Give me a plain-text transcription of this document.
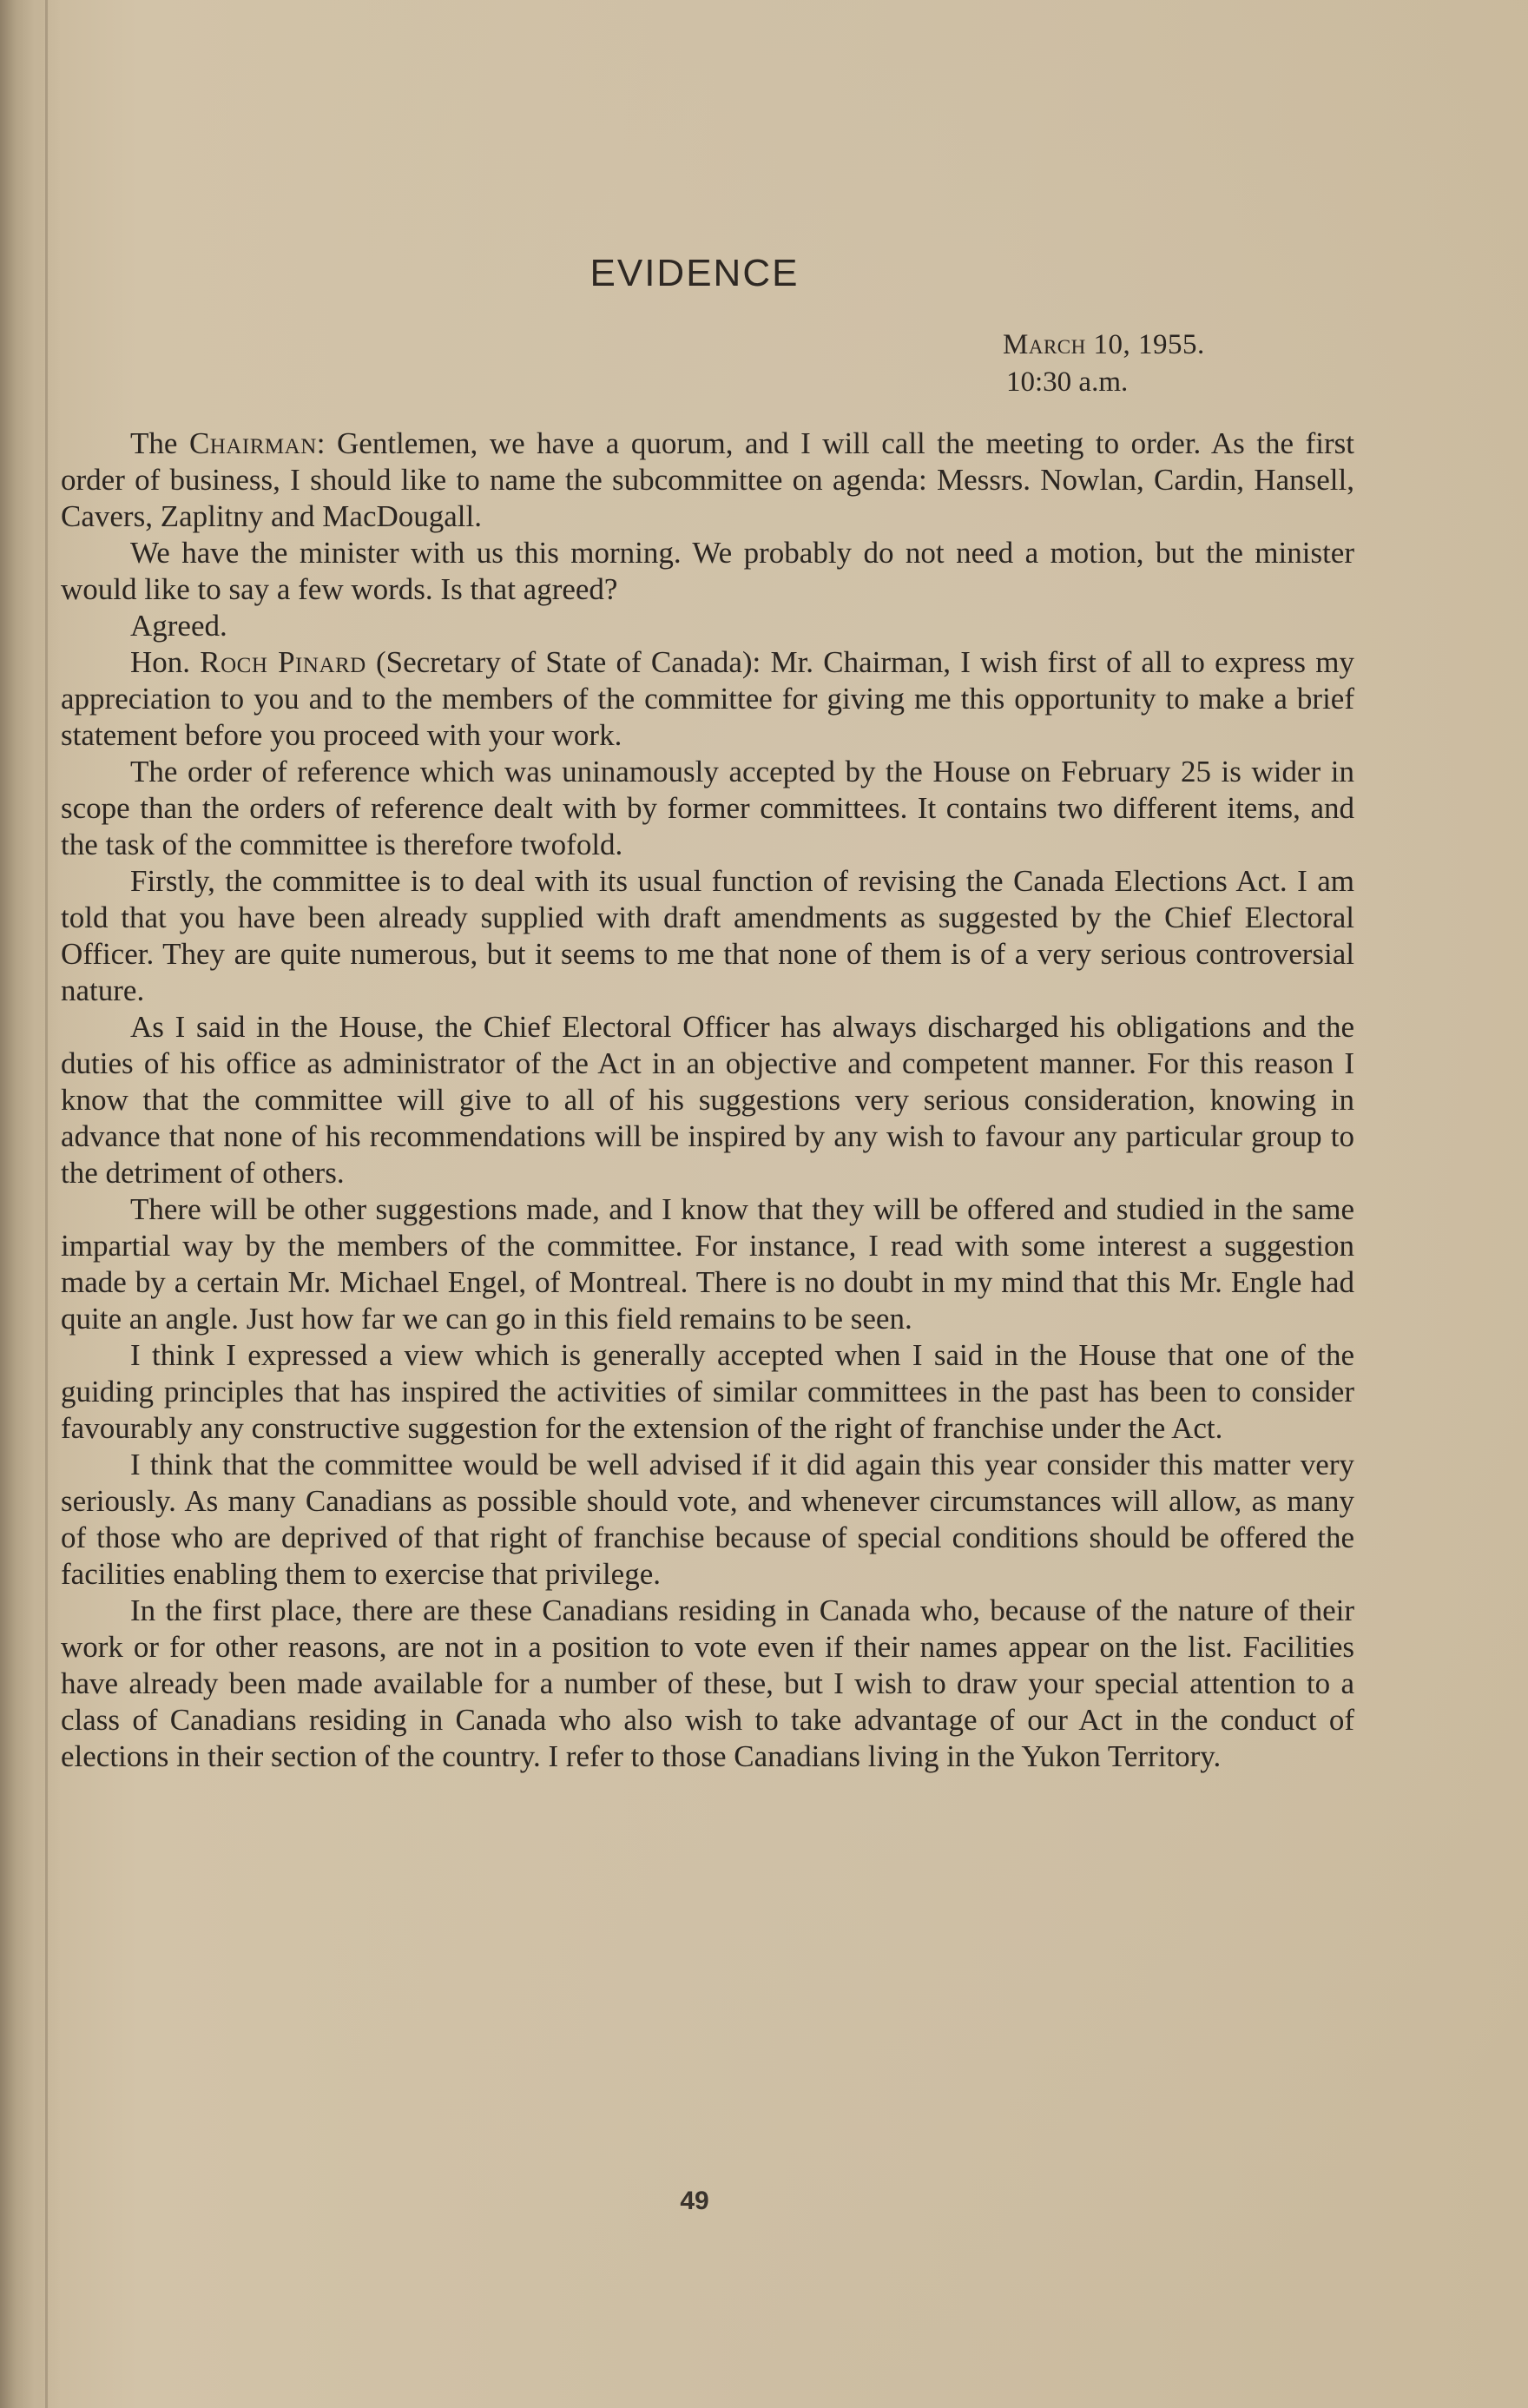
EVIDENCE
March 10, 1955.
10:30 a.m.

The Chairman: Gentlemen, we have a quorum, and I will call the meeting to order. As the first order of business, I should like to name the subcommittee on agenda: Messrs. Nowlan, Cardin, Hansell, Cavers, Zaplitny and MacDougall.

We have the minister with us this morning. We probably do not need a motion, but the minister would like to say a few words. Is that agreed?

Agreed.

Hon. Roch Pinard (Secretary of State of Canada): Mr. Chairman, I wish first of all to express my appreciation to you and to the members of the committee for giving me this opportunity to make a brief statement before you proceed with your work.

The order of reference which was uninamously accepted by the House on February 25 is wider in scope than the orders of reference dealt with by former committees. It contains two different items, and the task of the committee is therefore twofold.

Firstly, the committee is to deal with its usual function of revising the Canada Elections Act. I am told that you have been already supplied with draft amendments as suggested by the Chief Electoral Officer. They are quite numerous, but it seems to me that none of them is of a very serious controversial nature.

As I said in the House, the Chief Electoral Officer has always discharged his obligations and the duties of his office as administrator of the Act in an objective and competent manner. For this reason I know that the committee will give to all of his suggestions very serious consideration, knowing in advance that none of his recommendations will be inspired by any wish to favour any particular group to the detriment of others.

There will be other suggestions made, and I know that they will be offered and studied in the same impartial way by the members of the committee. For instance, I read with some interest a suggestion made by a certain Mr. Michael Engel, of Montreal. There is no doubt in my mind that this Mr. Engle had quite an angle. Just how far we can go in this field remains to be seen.

I think I expressed a view which is generally accepted when I said in the House that one of the guiding principles that has inspired the activities of similar committees in the past has been to consider favourably any constructive suggestion for the extension of the right of franchise under the Act.

I think that the committee would be well advised if it did again this year consider this matter very seriously. As many Canadians as possible should vote, and whenever circumstances will allow, as many of those who are deprived of that right of franchise because of special conditions should be offered the facilities enabling them to exercise that privilege.

In the first place, there are these Canadians residing in Canada who, because of the nature of their work or for other reasons, are not in a position to vote even if their names appear on the list. Facilities have already been made available for a number of these, but I wish to draw your special attention to a class of Canadians residing in Canada who also wish to take advantage of our Act in the conduct of elections in their section of the country. I refer to those Canadians living in the Yukon Territory.

49
